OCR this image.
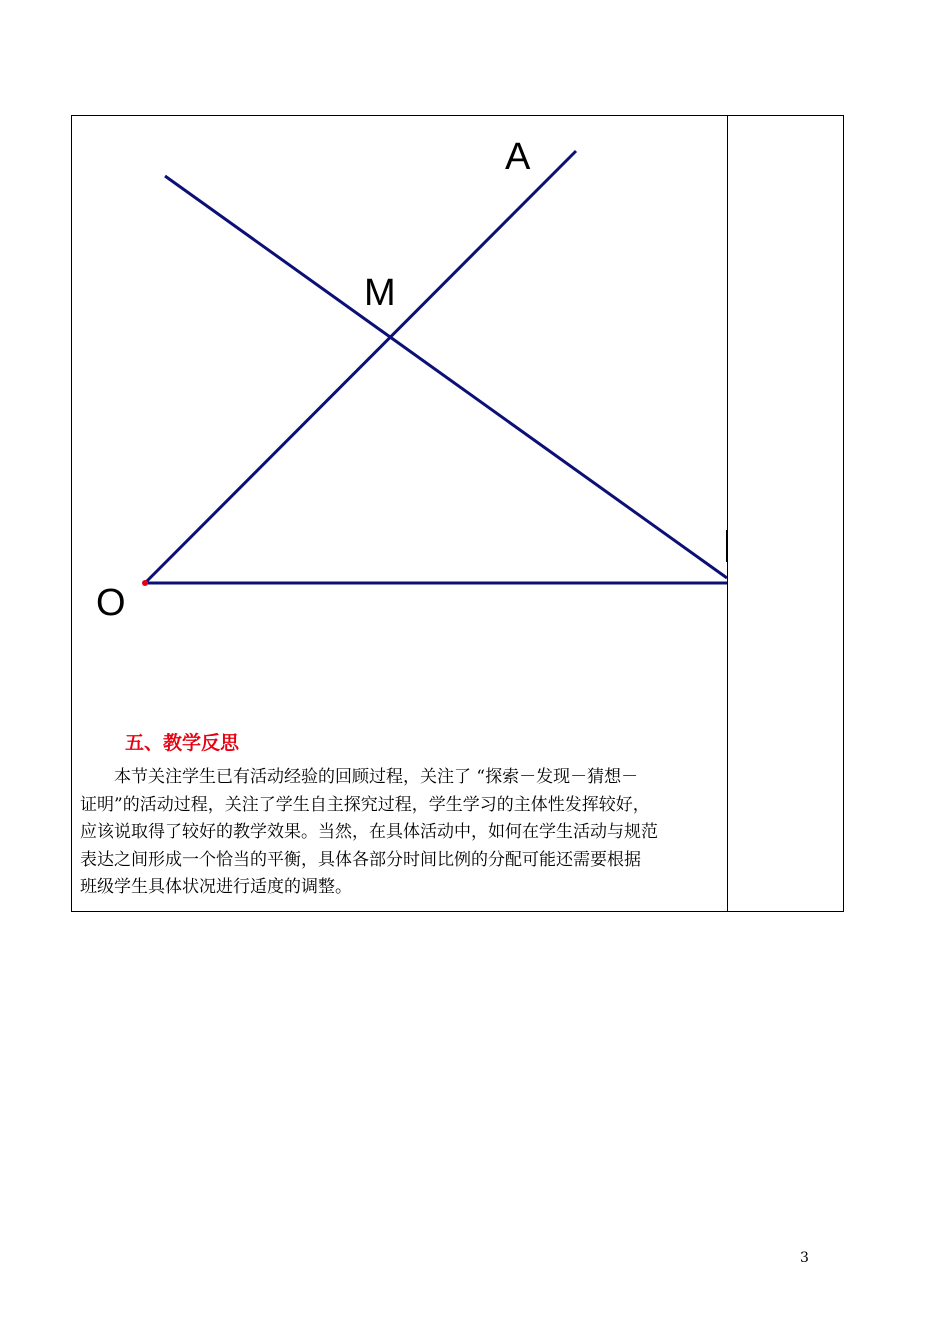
A
M
O
五、教学反思
　　本节关注学生已有活动经验的回顾过程，关注了 “探索－发现－猜想－
证明”的活动过程，关注了学生自主探究过程，学生学习的主体性发挥较好，
应该说取得了较好的教学效果。当然，在具体活动中，如何在学生活动与规范
表达之间形成一个恰当的平衡，具体各部分时间比例的分配可能还需要根据
班级学生具体状况进行适度的调整。
3
